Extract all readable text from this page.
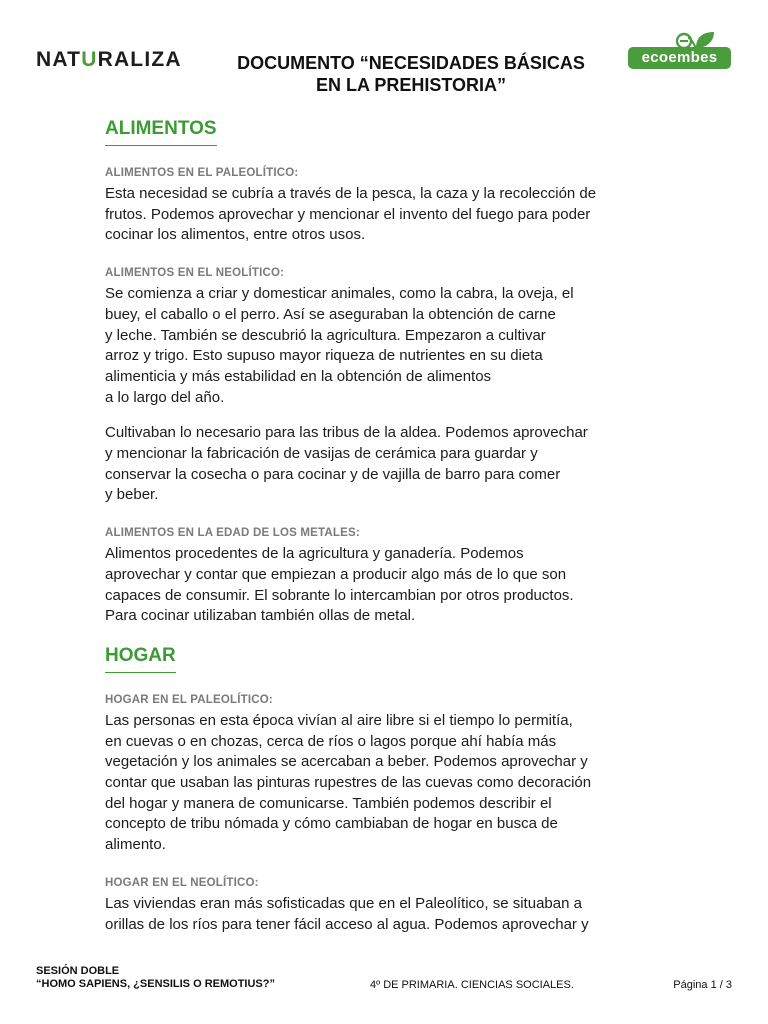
NATURALIZA	DOCUMENTO “NECESIDADES BÁSICAS EN LA PREHISTORIA”
ecoembes
ALIMENTOS
ALIMENTOS EN EL PALEOLÍTICO:

Esta necesidad se cubría a través de la pesca, la caza y la recolección de
frutos. Podemos aprovechar y mencionar el invento del fuego para poder
cocinar los alimentos, entre otros usos.

ALIMENTOS EN EL NEOLÍTICO:

Se comienza a criar y domesticar animales, como la cabra, la oveja, el
buey, el caballo o el perro. Así se aseguraban la obtención de carne
y leche. También se descubrió la agricultura. Empezaron a cultivar
arroz y trigo. Esto supuso mayor riqueza de nutrientes en su dieta
alimenticia y más estabilidad en la obtención de alimentos
a lo largo del año.

Cultivaban lo necesario para las tribus de la aldea. Podemos aprovechar
y mencionar la fabricación de vasijas de cerámica para guardar y
conservar la cosecha o para cocinar y de vajilla de barro para comer
y beber.

ALIMENTOS EN LA EDAD DE LOS METALES:

Alimentos procedentes de la agricultura y ganadería. Podemos
aprovechar y contar que empiezan a producir algo más de lo que son
capaces de consumir. El sobrante lo intercambian por otros productos.
Para cocinar utilizaban también ollas de metal.

HOGAR
HOGAR EN EL PALEOLÍTICO:

Las personas en esta época vivían al aire libre si el tiempo lo permitía,
en cuevas o en chozas, cerca de ríos o lagos porque ahí había más
vegetación y los animales se acercaban a beber. Podemos aprovechar y
contar que usaban las pinturas rupestres de las cuevas como decoración
del hogar y manera de comunicarse. También podemos describir el
concepto de tribu nómada y cómo cambiaban de hogar en busca de
alimento.

HOGAR EN EL NEOLÍTICO:

Las viviendas eran más sofisticadas que en el Paleolítico, se situaban a
orillas de los ríos para tener fácil acceso al agua. Podemos aprovechar y

SESIÓN DOBLE
“HOMO SAPIENS, ¿SENSILIS O REMOTIUS?”	4º DE PRIMARIA. CIENCIAS SOCIALES.	Página 1 / 3
